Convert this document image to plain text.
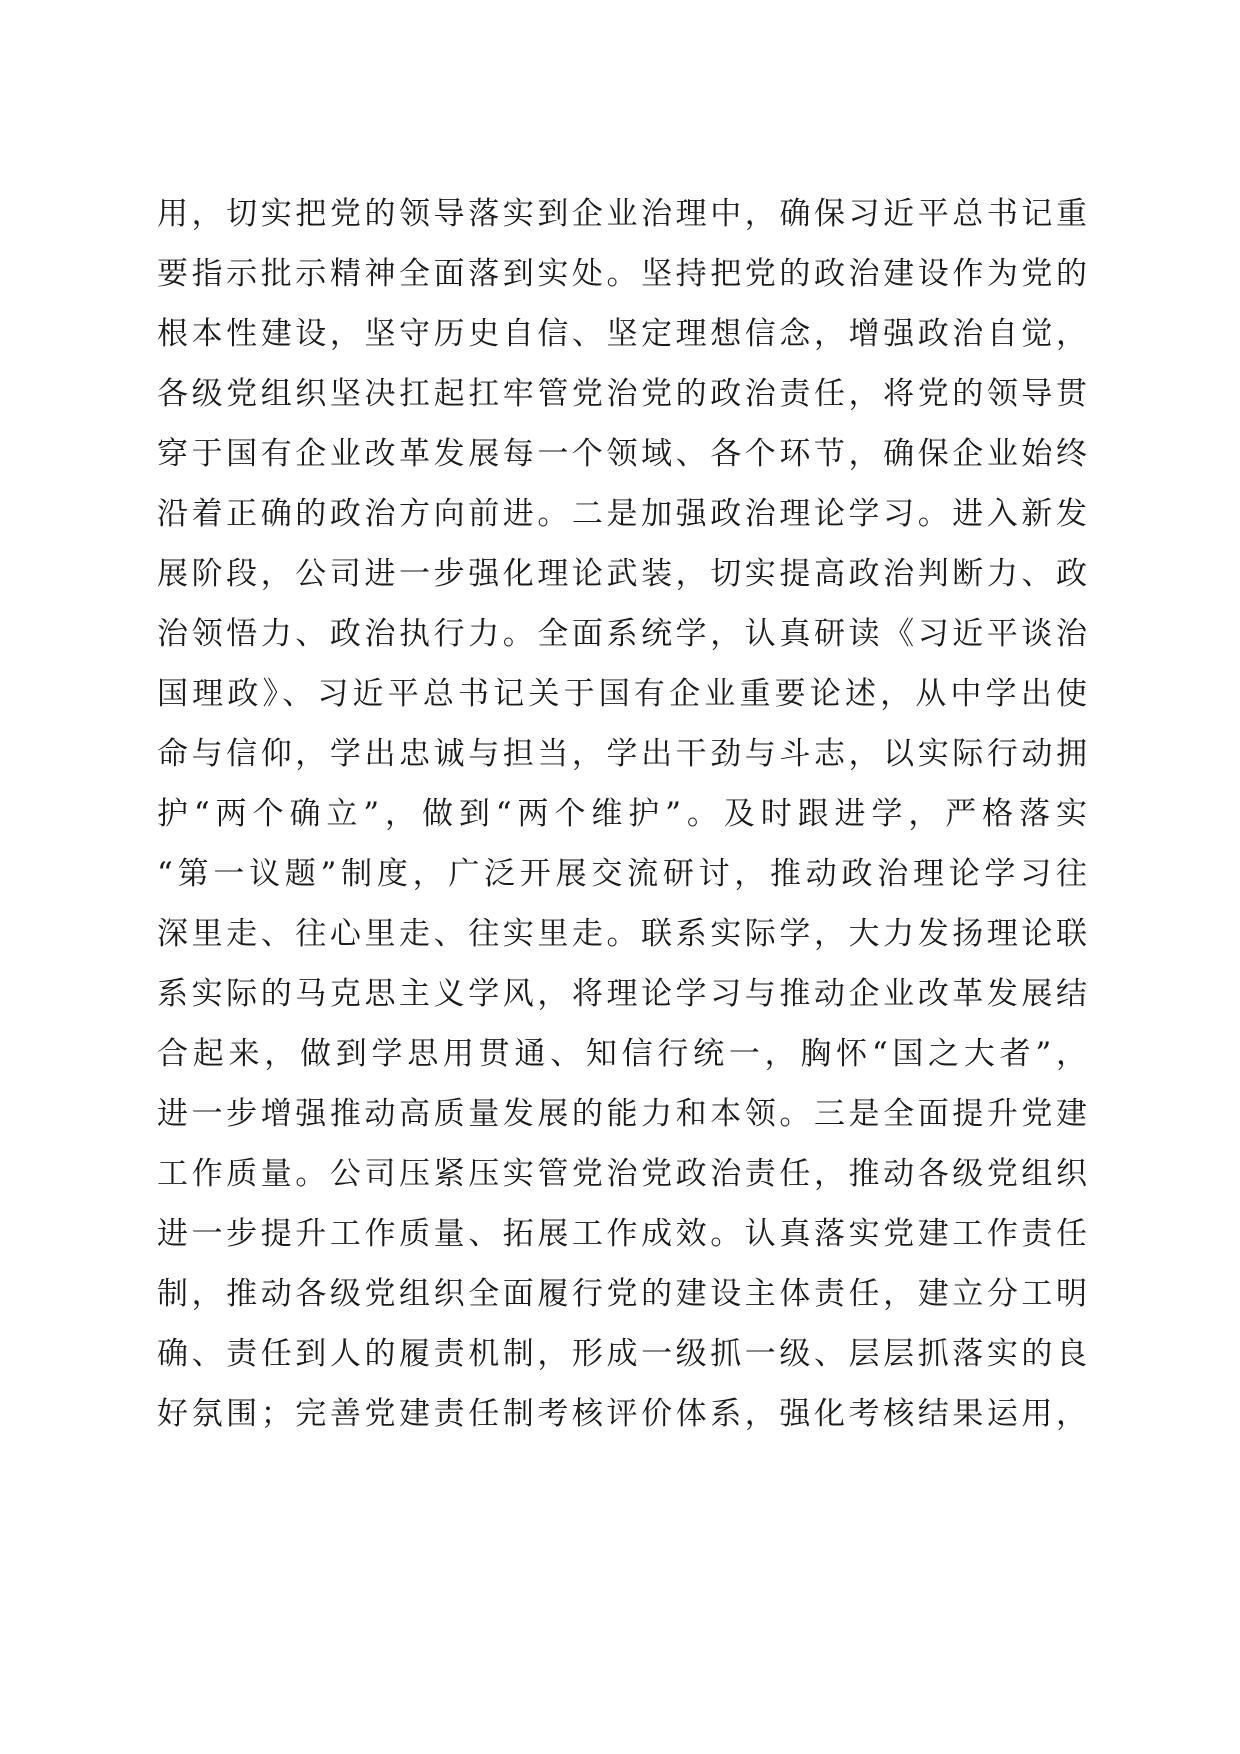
用，切实把党的领导落实到企业治理中，确保习近平总书记重
要指示批示精神全面落到实处。坚持把党的政治建设作为党的
根本性建设，坚守历史自信、坚定理想信念，增强政治自觉，
各级党组织坚决扛起扛牢管党治党的政治责任，将党的领导贯
穿于国有企业改革发展每一个领域、各个环节，确保企业始终
沿着正确的政治方向前进。二是加强政治理论学习。进入新发
展阶段，公司进一步强化理论武装，切实提高政治判断力、政
治领悟力、政治执行力。全面系统学，认真研读《习近平谈治
国理政》、习近平总书记关于国有企业重要论述，从中学出使
命与信仰，学出忠诚与担当，学出干劲与斗志，以实际行动拥
护“两个确立”，做到“两个维护”。及时跟进学，严格落实
“第一议题”制度，广泛开展交流研讨，推动政治理论学习往
深里走、往心里走、往实里走。联系实际学，大力发扬理论联
系实际的马克思主义学风，将理论学习与推动企业改革发展结
合起来，做到学思用贯通、知信行统一，胸怀“国之大者”，
进一步增强推动高质量发展的能力和本领。三是全面提升党建
工作质量。公司压紧压实管党治党政治责任，推动各级党组织
进一步提升工作质量、拓展工作成效。认真落实党建工作责任
制，推动各级党组织全面履行党的建设主体责任，建立分工明
确、责任到人的履责机制，形成一级抓一级、层层抓落实的良
好氛围；完善党建责任制考核评价体系，强化考核结果运用，
